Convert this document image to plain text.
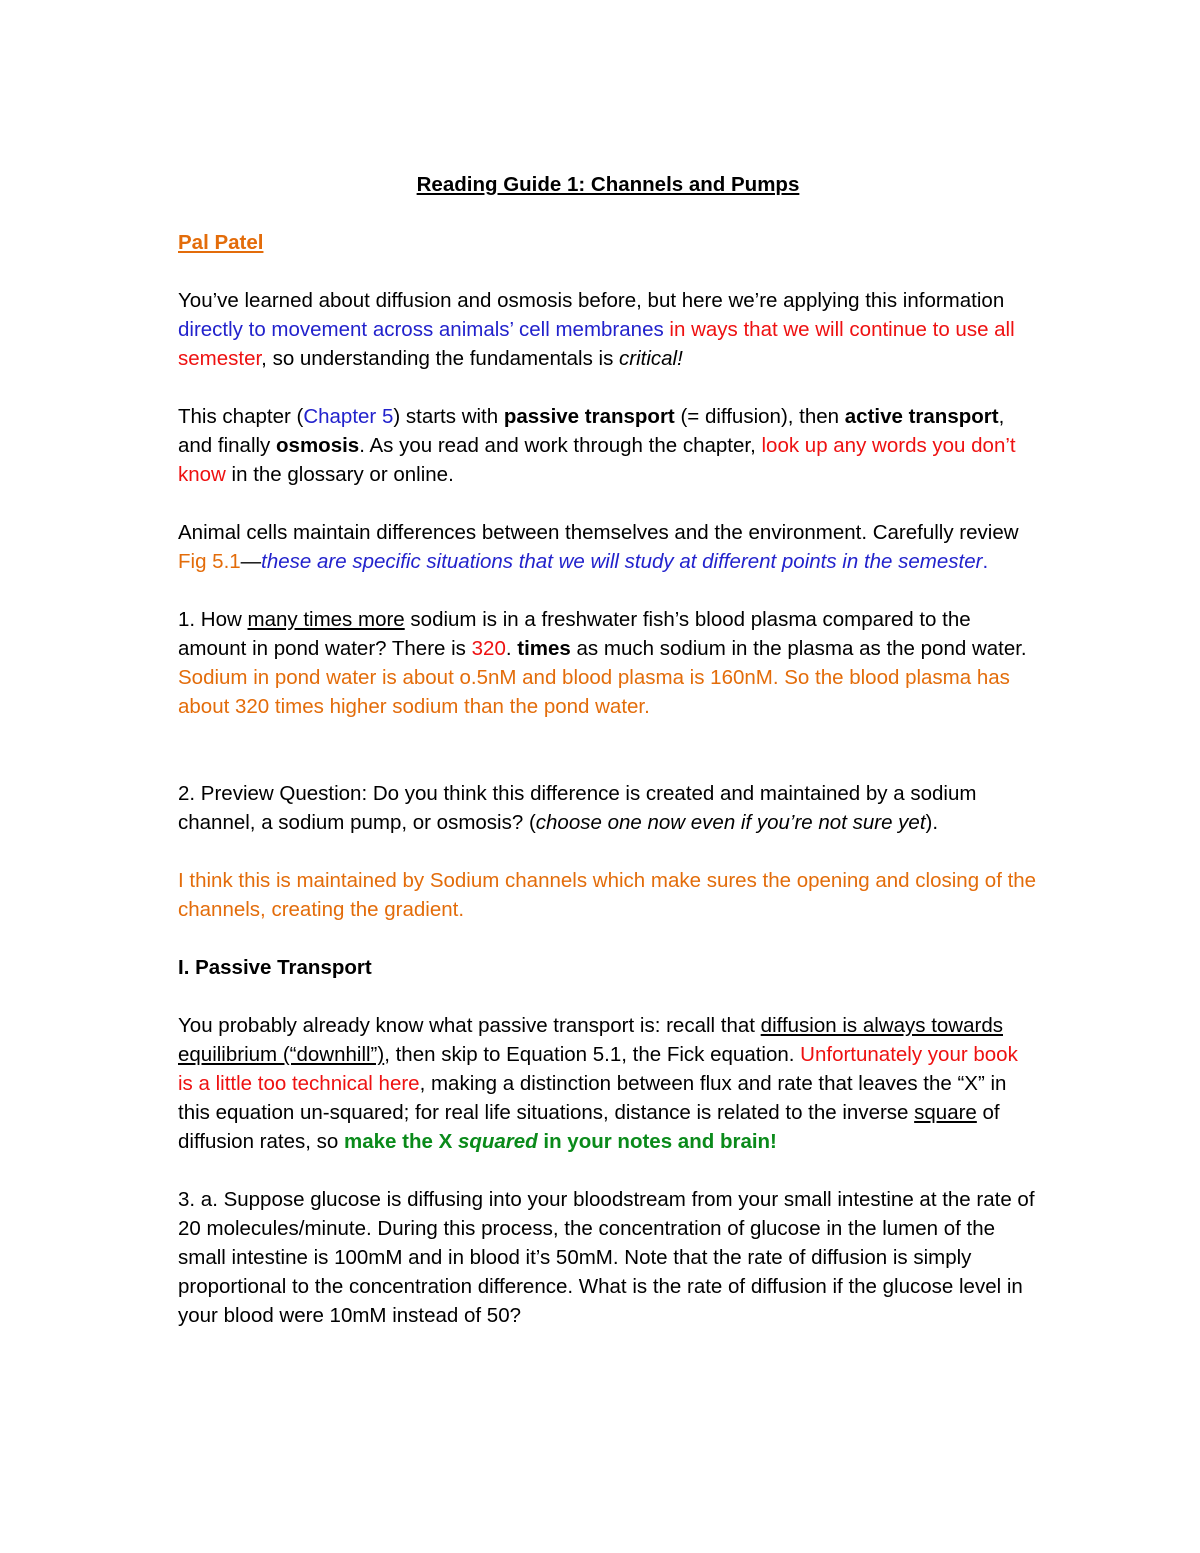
Reading Guide 1: Channels and Pumps

Pal Patel

You’ve learned about diffusion and osmosis before, but here we’re applying this information directly to movement across animals’ cell membranes in ways that we will continue to use all semester, so understanding the fundamentals is critical!

This chapter (Chapter 5) starts with passive transport (= diffusion), then active transport, and finally osmosis. As you read and work through the chapter, look up any words you don’t know in the glossary or online.

Animal cells maintain differences between themselves and the environment. Carefully review Fig 5.1—these are specific situations that we will study at different points in the semester.

1. How many times more sodium is in a freshwater fish’s blood plasma compared to the amount in pond water? There is 320. times as much sodium in the plasma as the pond water.

Sodium in pond water is about o.5nM and blood plasma is 160nM. So the blood plasma has about 320 times higher sodium than the pond water.

2. Preview Question: Do you think this difference is created and maintained by a sodium channel, a sodium pump, or osmosis? (choose one now even if you’re not sure yet).

I think this is maintained by Sodium channels which make sures the opening and closing of the channels, creating the gradient.

I. Passive Transport

You probably already know what passive transport is: recall that diffusion is always towards equilibrium (“downhill”), then skip to Equation 5.1, the Fick equation. Unfortunately your book is a little too technical here, making a distinction between flux and rate that leaves the “X” in this equation un-squared; for real life situations, distance is related to the inverse square of diffusion rates, so make the X squared in your notes and brain!

3. a. Suppose glucose is diffusing into your bloodstream from your small intestine at the rate of 20 molecules/minute. During this process, the concentration of glucose in the lumen of the small intestine is 100mM and in blood it’s 50mM. Note that the rate of diffusion is simply proportional to the concentration difference. What is the rate of diffusion if the glucose level in your blood were 10mM instead of 50?
